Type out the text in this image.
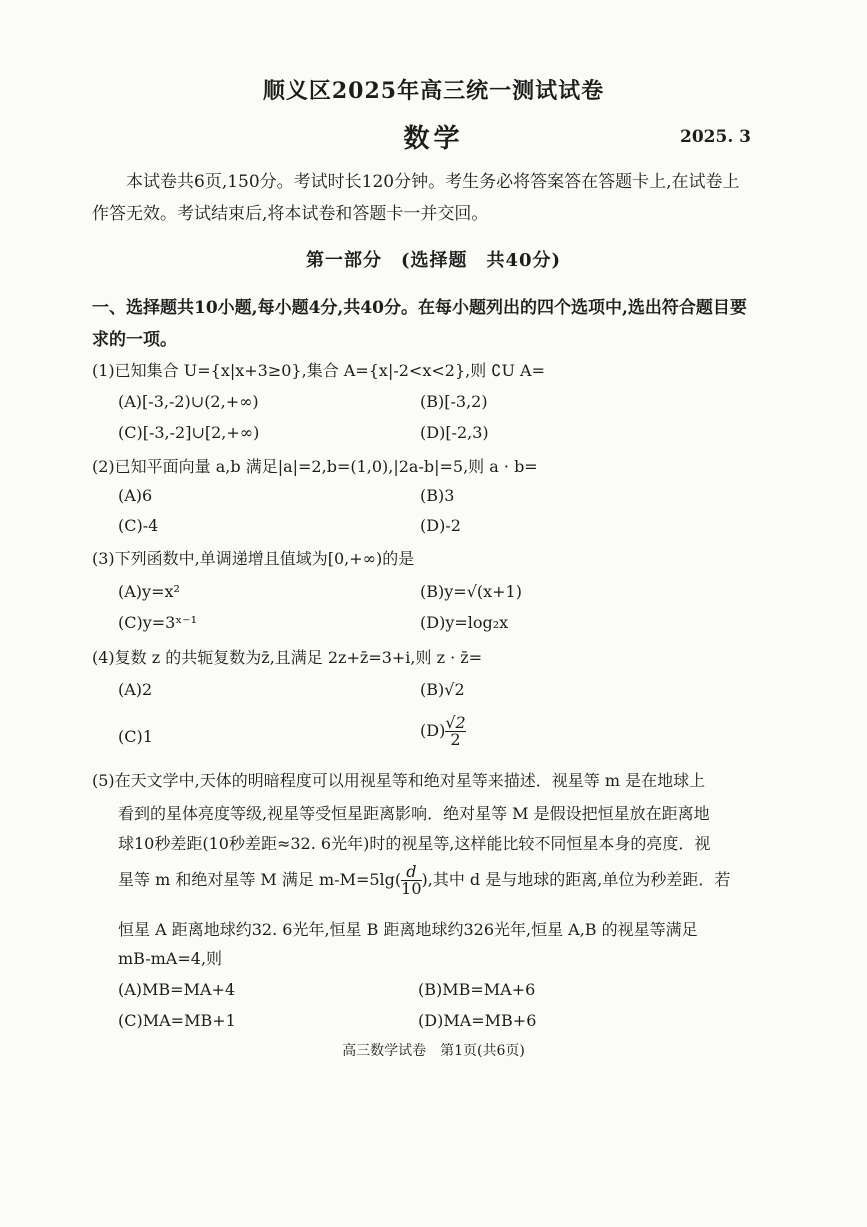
顺义区2025年高三统一测试试卷
数学	2025. 3
本试卷共6页,150分。考试时长120分钟。考生务必将答案答在答题卡上,在试卷上作答无效。考试结束后,将本试卷和答题卡一并交回。
第一部分　(选择题　共40分)
一、选择题共10小题,每小题4分,共40分。在每小题列出的四个选项中,选出符合题目要求的一项。
(1)已知集合 U={x|x+3≥0},集合 A={x|-2<x<2},则 ∁U A=
(A)[-3,-2)∪(2,+∞)	(B)[-3,2)
(C)[-3,-2]∪[2,+∞)	(D)[-2,3)
(2)已知平面向量 a,b 满足|a|=2,b=(1,0),|2a-b|=5,则 a · b=
(A)6	(B)3
(C)-4	(D)-2
(3)下列函数中,单调递增且值域为[0,+∞)的是
(A)y=x²	(B)y=√(x+1)
(C)y=3ˣ⁻¹	(D)y=log₂x
(4)复数 z 的共轭复数为z̄,且满足 2z+z̄=3+i,则 z · z̄=
(A)2	(B)√2
(C)1	$(D) \frac{√2}{2}$
(5)在天文学中,天体的明暗程度可以用视星等和绝对星等来描述．视星等 m 是在地球上
看到的星体亮度等级,视星等受恒星距离影响．绝对星等 M 是假设把恒星放在距离地
球10秒差距(10秒差距≈32. 6光年)时的视星等,这样能比较不同恒星本身的亮度．视
星等 m 和绝对星等 M 满足 $m-M=5\lg( \frac{d}{10}$ ),其中 d 是与地球的距离,单位为秒差距．若
恒星 A 距离地球约32. 6光年,恒星 B 距离地球约326光年,恒星 A,B 的视星等满足
mB-mA=4,则
(A)MB=MA+4	(B)MB=MA+6
(C)MA=MB+1	(D)MA=MB+6
高三数学试卷　第1页(共6页)
